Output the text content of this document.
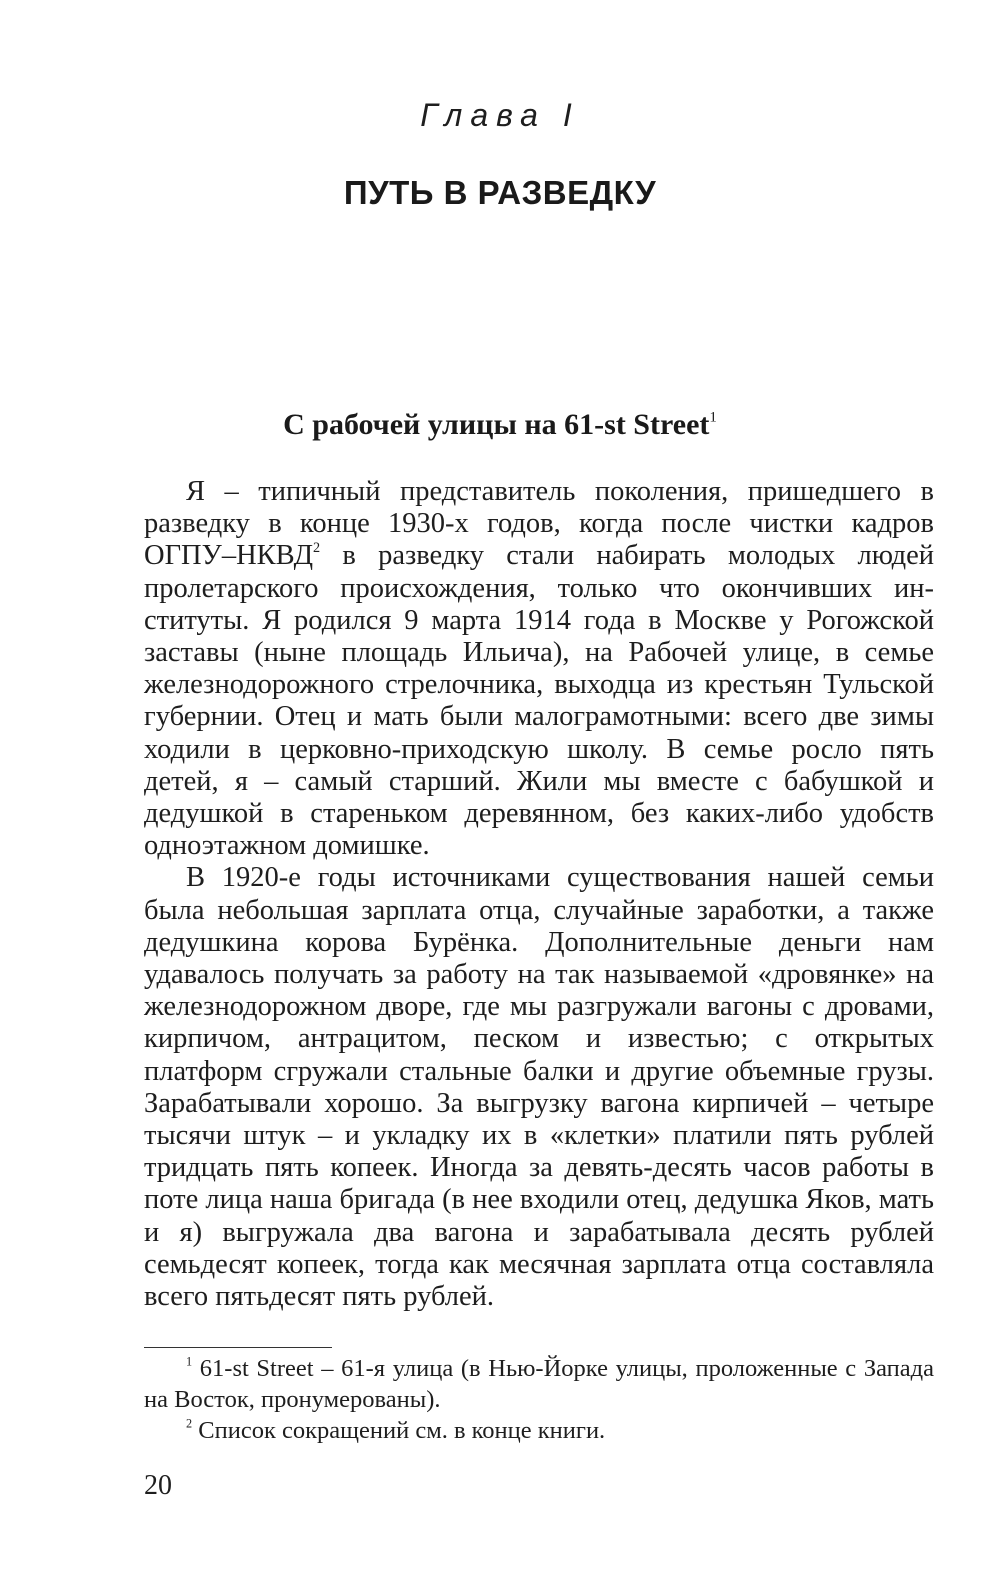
Глава I
ПУТЬ В РАЗВЕДКУ
С рабочей улицы на 61-st Street$^1$

Я – типичный представитель поколения, пришедшего в разведку в конце 1930-х годов, когда после чистки кадров ОГПУ–НКВД$^2$ в разведку стали набирать молодых людей пролетарского происхождения, только что окончивших институты. Я родился 9 марта 1914 года в Москве у Рогожской заставы (ныне площадь Ильича), на Рабочей улице, в семье железнодорожного стрелочника, выходца из крестьян Тульской губернии. Отец и мать были малограмотными: всего две зимы ходили в церковно-приходскую школу. В семье росло пять детей, я – самый старший. Жили мы вместе с бабушкой и дедушкой в стареньком деревянном, без каких-либо удобств одноэтажном домишке.

В 1920-е годы источниками существования нашей семьи была небольшая зарплата отца, случайные заработки, а также дедушкина корова Бурёнка. Дополнительные деньги нам удавалось получать за работу на так называемой «дровянке» на железнодорожном дворе, где мы разгружали вагоны с дровами, кирпичом, антрацитом, песком и известью; с открытых платформ сгружали стальные балки и другие объемные грузы. Зарабатывали хорошо. За выгрузку вагона кирпичей – четыре тысячи штук – и укладку их в «клетки» платили пять рублей тридцать пять копеек. Иногда за девять-десять часов работы в поте лица наша бригада (в нее входили отец, дедушка Яков, мать и я) выгружала два вагона и зарабатывала десять рублей семьдесят копеек, тогда как месячная зарплата отца составляла всего пятьдесят пять рублей.

$^1$ 61-st Street – 61-я улица (в Нью-Йорке улицы, проложенные с Запада на Восток, пронумерованы).

$^2$ Список сокращений см. в конце книги.

20
